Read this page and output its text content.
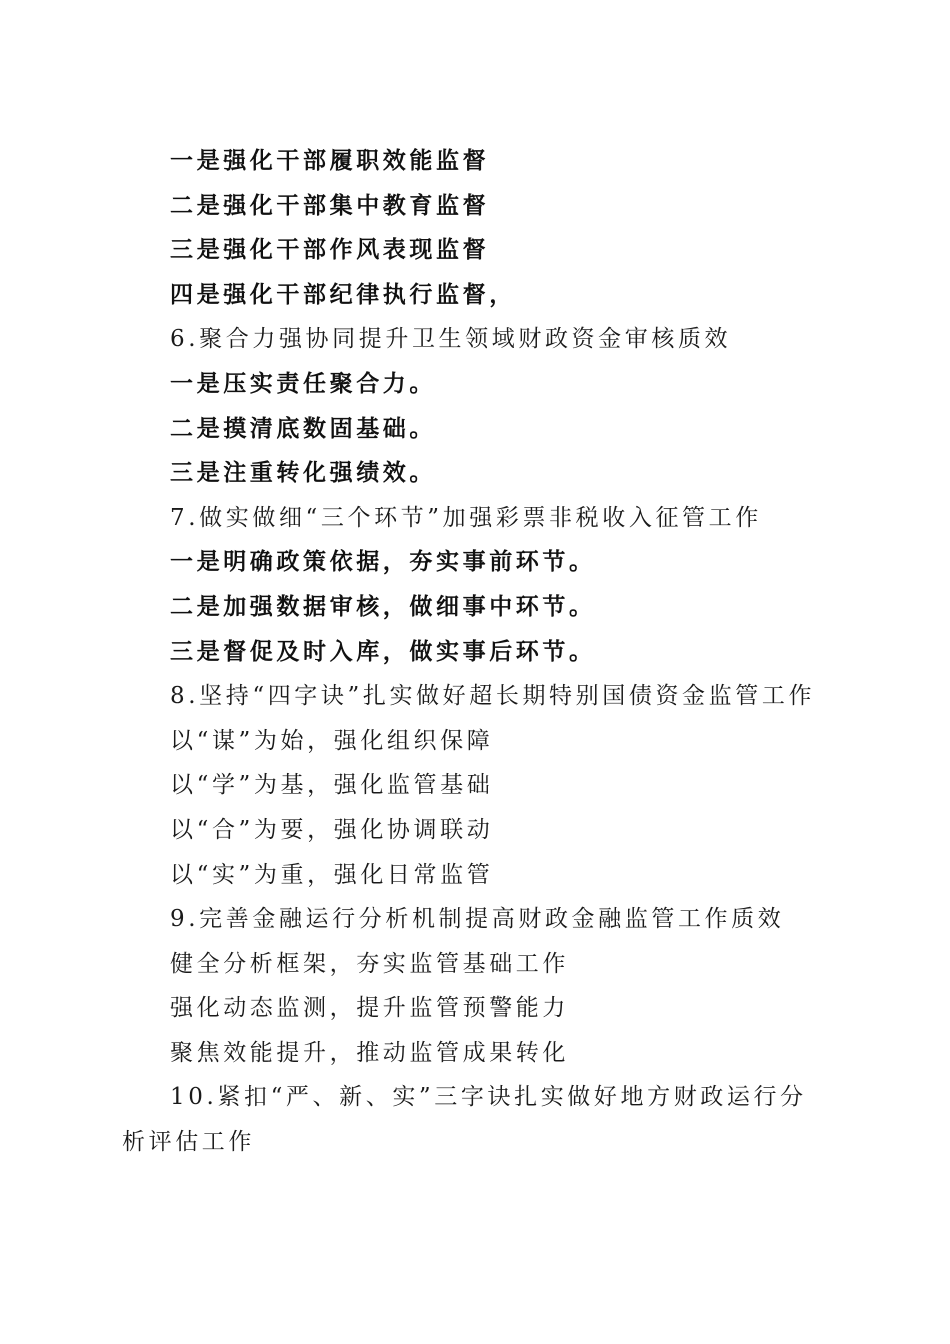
一是强化干部履职效能监督
二是强化干部集中教育监督
三是强化干部作风表现监督
四是强化干部纪律执行监督，
6.聚合力强协同提升卫生领域财政资金审核质效
一是压实责任聚合力。
二是摸清底数固基础。
三是注重转化强绩效。
7.做实做细“三个环节”加强彩票非税收入征管工作
一是明确政策依据，夯实事前环节。
二是加强数据审核，做细事中环节。
三是督促及时入库，做实事后环节。
8.坚持“四字诀”扎实做好超长期特别国债资金监管工作
以“谋”为始，强化组织保障
以“学”为基，强化监管基础
以“合”为要，强化协调联动
以“实”为重，强化日常监管
9.完善金融运行分析机制提高财政金融监管工作质效
健全分析框架，夯实监管基础工作
强化动态监测，提升监管预警能力
聚焦效能提升，推动监管成果转化
10.紧扣“严、新、实”三字诀扎实做好地方财政运行分析评估工作
